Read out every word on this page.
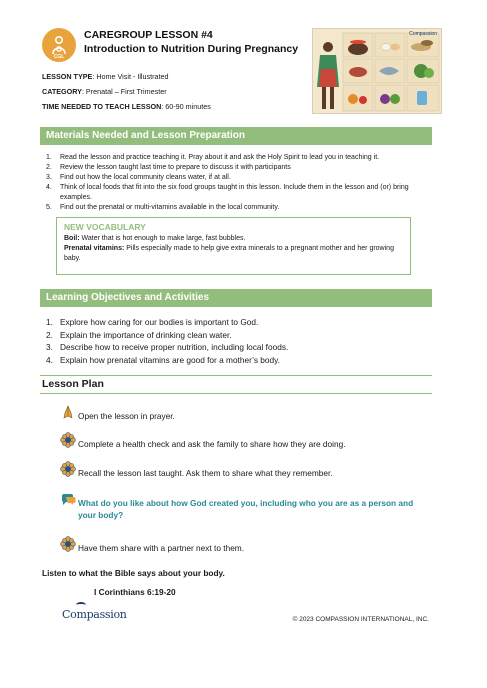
CGL
CAREGROUP LESSON #4
Introduction to Nutrition During Pregnancy
Compassion
LESSON TYPE: Home Visit - Illustrated
CATEGORY: Prenatal – First Trimester
TIME NEEDED TO TEACH LESSON: 60-90 minutes
Materials Needed and Lesson Preparation
1. Read the lesson and practice teaching it. Pray about it and ask the Holy Spirit to lead you in teaching it.
2. Review the lesson taught last time to prepare to discuss it with participants
3. Find out how the local community cleans water, if at all.
4. Think of local foods that fit into the six food groups taught in this lesson. Include them in the lesson and (or) bring examples.
5. Find out the prenatal or multi-vitamins available in the local community.
NEW VOCABULARY
Boil: Water that is hot enough to make large, fast bubbles.
Prenatal vitamins: Pills especially made to help give extra minerals to a pregnant mother and her growing baby.
Learning Objectives and Activities
1. Explore how caring for our bodies is important to God.
2. Explain the importance of drinking clean water.
3. Describe how to receive proper nutrition, including local foods.
4. Explain how prenatal vitamins are good for a mother’s body.
Lesson Plan
Open the lesson in prayer.
Complete a health check and ask the family to share how they are doing.
Recall the lesson last taught. Ask them to share what they remember.
What do you like about how God created you, including who you are as a person and your body?
Have them share with a partner next to them.
Listen to what the Bible says about your body.
I Corinthians 6:19-20
Compassion	© 2023 COMPASSION INTERNATIONAL, INC.
